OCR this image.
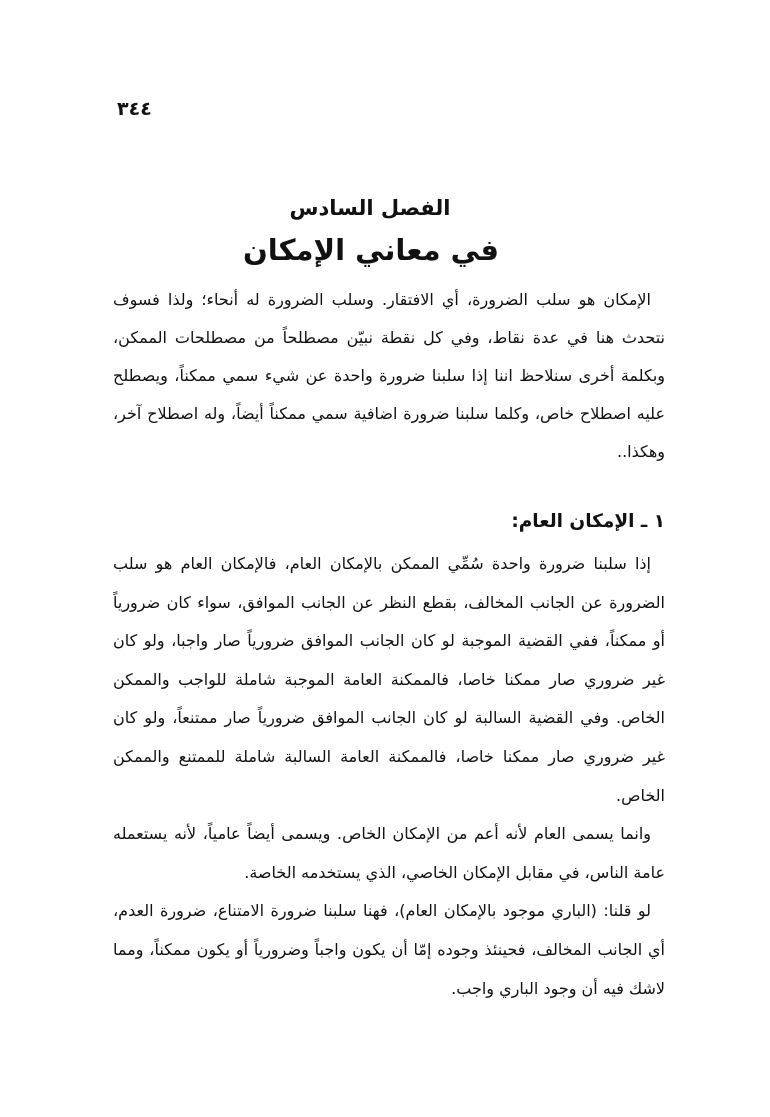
٣٤٤
الفصل السادس
في معاني الإمكان

الإمكان هو سلب الضرورة، أي الافتقار. وسلب الضرورة له أنحاء؛ ولذا فسوف نتحدث هنا في عدة نقاط، وفي كل نقطة نبيّن مصطلحاً من مصطلحات الممكن، وبكلمة أخرى سنلاحظ اننا إذا سلبنا ضرورة واحدة عن شيء سمي ممكناً، ويصطلح عليه اصطلاح خاص، وكلما سلبنا ضرورة اضافية سمي ممكناً أيضاً، وله اصطلاح آخر، وهكذا..

١ ـ الإمكان العام:

إذا سلبنا ضرورة واحدة سُمِّي الممكن بالإمكان العام، فالإمكان العام هو سلب الضرورة عن الجانب المخالف، بقطع النظر عن الجانب الموافق، سواء كان ضرورياً أو ممكناً، ففي القضية الموجبة لو كان الجانب الموافق ضرورياً صار واجبا، ولو كان غير ضروري صار ممكنا خاصا، فالممكنة العامة الموجبة شاملة للواجب والممكن الخاص. وفي القضية السالبة لو كان الجانب الموافق ضرورياً صار ممتنعاً، ولو كان غير ضروري صار ممكنا خاصا، فالممكنة العامة السالبة شاملة للممتنع والممكن الخاص.

وانما يسمى العام لأنه أعم من الإمكان الخاص. ويسمى أيضاً عامياً، لأنه يستعمله عامة الناس، في مقابل الإمكان الخاصي، الذي يستخدمه الخاصة.

لو قلنا: (الباري موجود بالإمكان العام)، فهنا سلبنا ضرورة الامتناع، ضرورة العدم، أي الجانب المخالف، فحينئذ وجوده إمّا أن يكون واجباً وضرورياً أو يكون ممكناً، ومما لاشك فيه أن وجود الباري واجب.
